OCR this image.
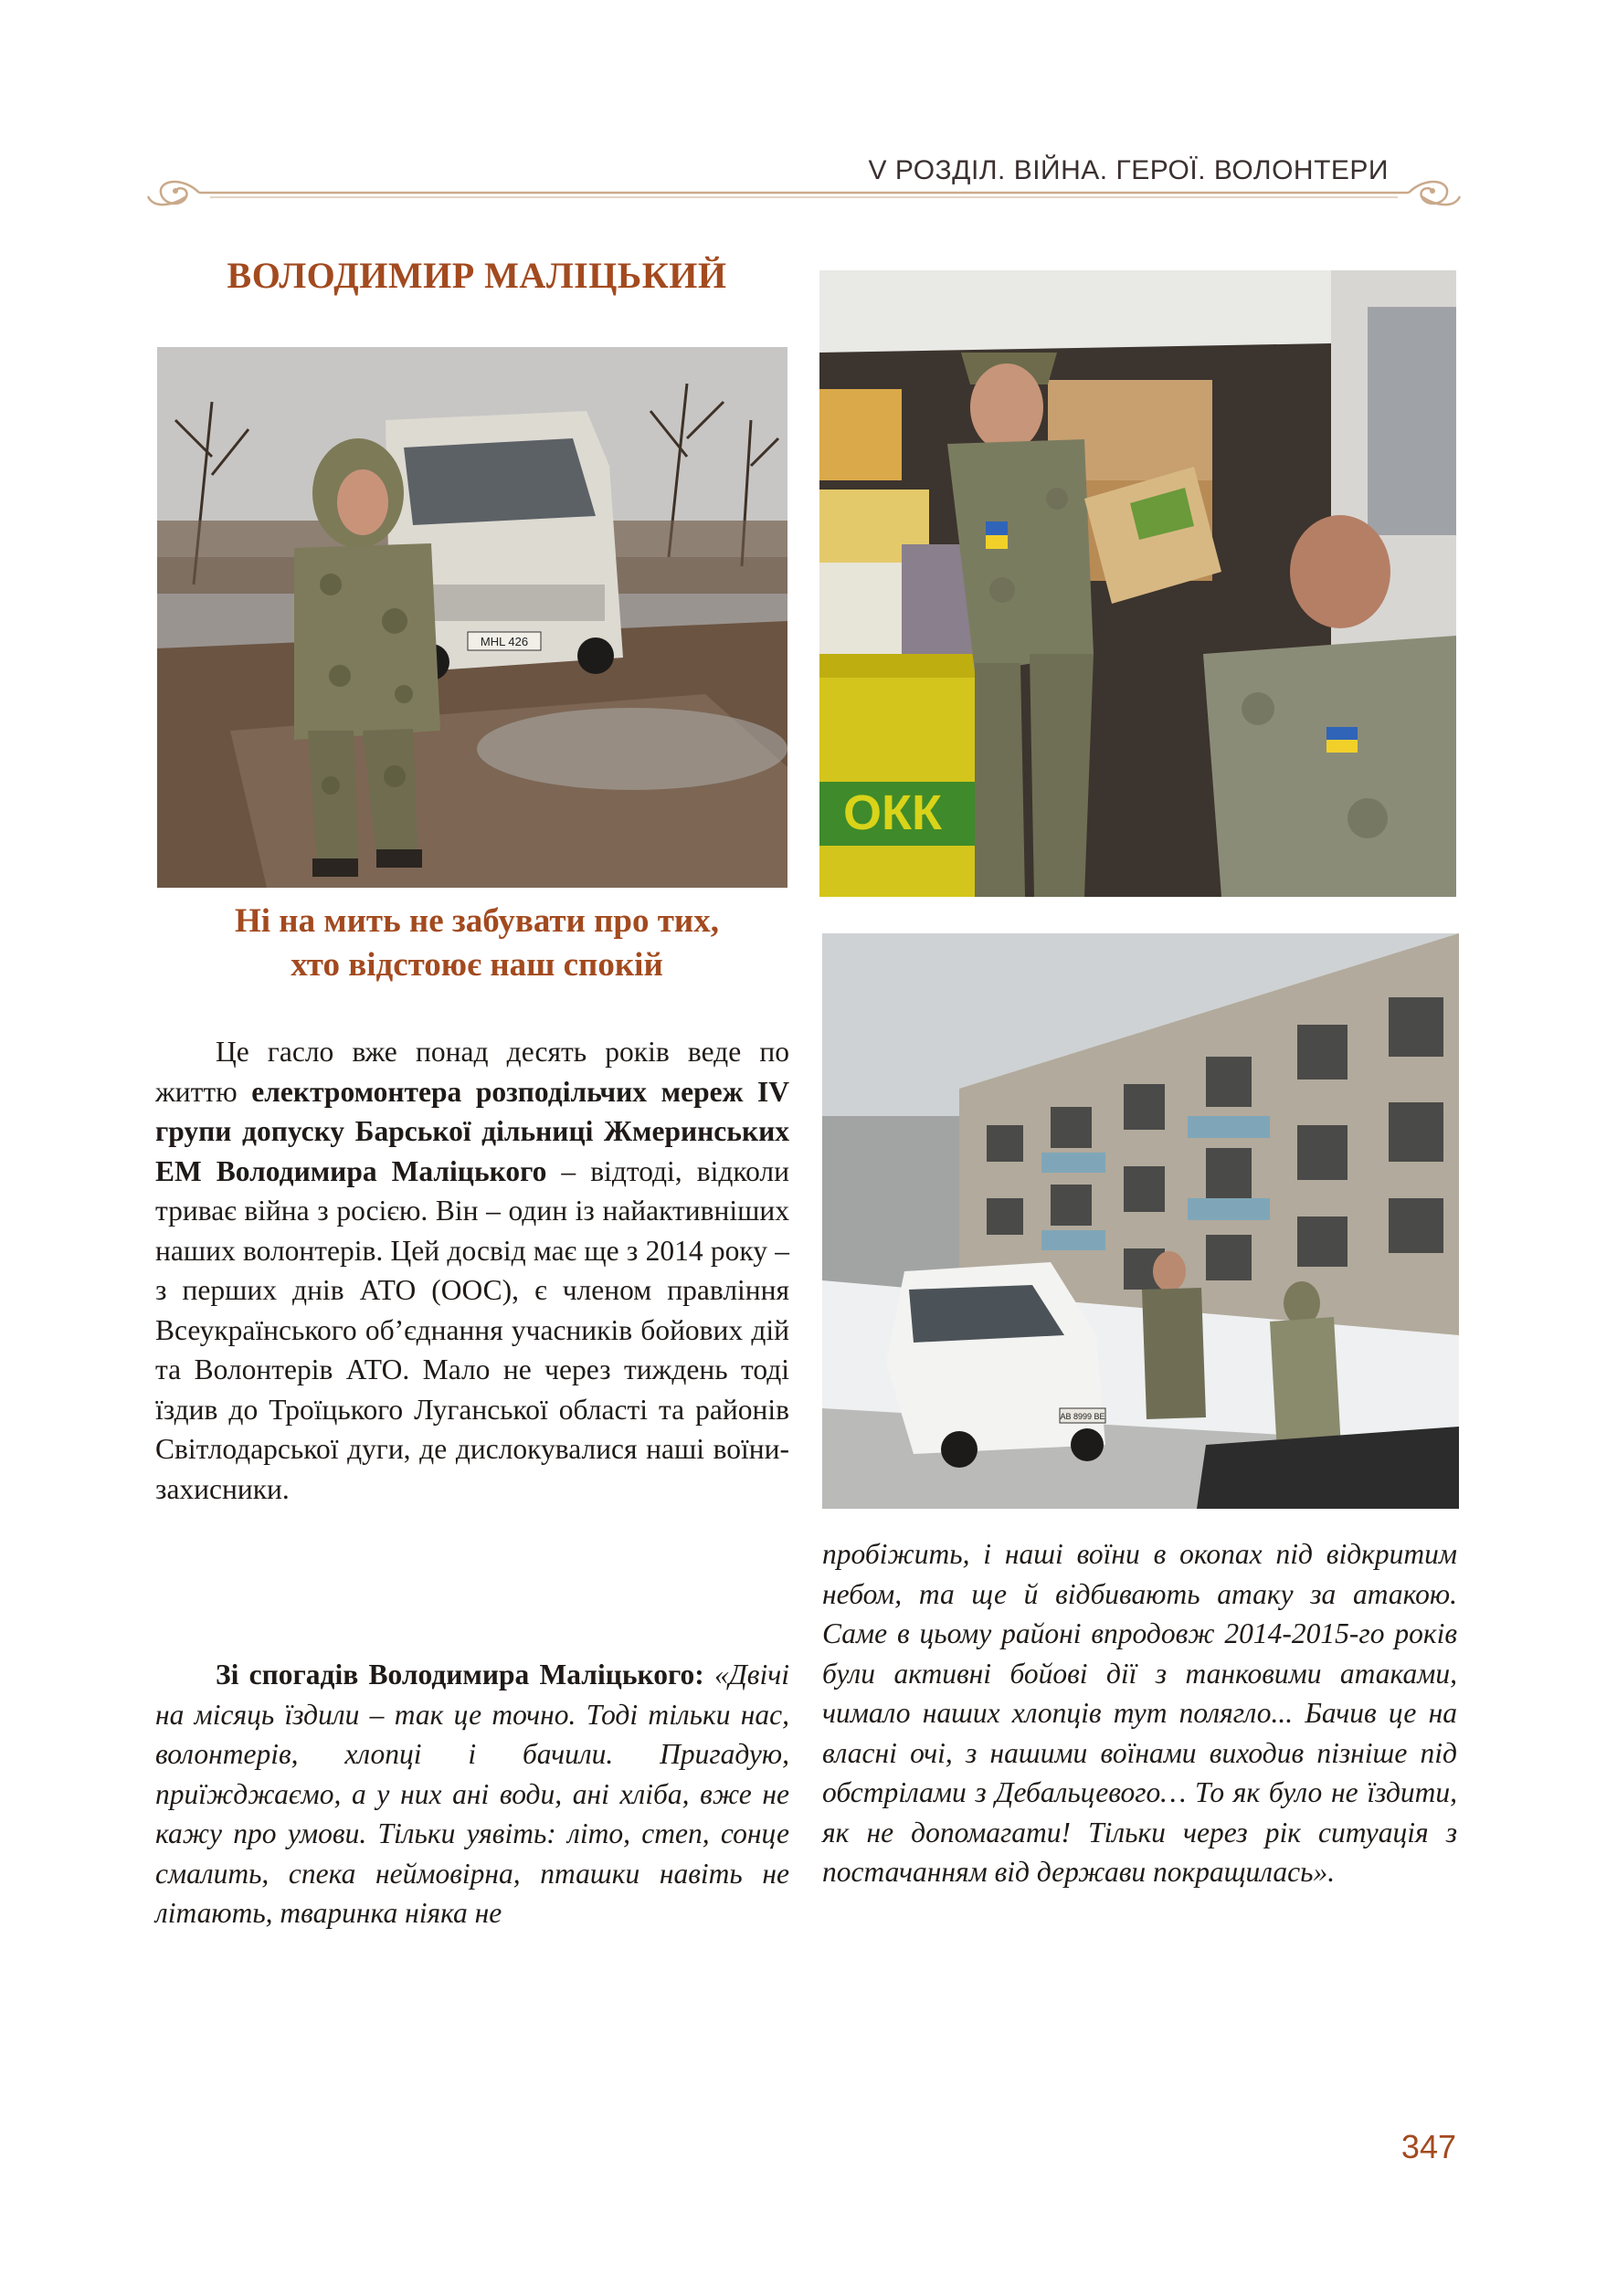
V РОЗДІЛ. ВІЙНА. ГЕРОЇ. ВОЛОНТЕРИ
ВОЛОДИМИР МАЛІЦЬКИЙ
МНL 426
ОКК
АВ 8999 ВЕ
Ні на мить не забувати про тих,
хто відстоює наш спокій

Це гасло вже понад десять років веде по життю електромонтера розподільчих мереж IV групи допуску Барської дільниці Жмеринських ЕМ Володимира Маліцького – відтоді, відколи триває війна з росією. Він – один із найактивніших наших волонтерів. Цей досвід має ще з 2014 року – з перших днів АТО (ООС), є членом правління Всеукраїнського об’єднання учасників бойових дій та Волонтерів АТО. Мало не через тиждень тоді їздив до Троїцького Луганської області та районів Світлодарської дуги, де дислокувалися наші воїни-захисники.

Зі спогадів Володимира Маліцького: «Двічі на місяць їздили – так це точно. Тоді тільки нас, волонтерів, хлопці і бачили. Пригадую, приїжджаємо, а у них ані води, ані хліба, вже не кажу про умови. Тільки уявіть: літо, степ, сонце смалить, спека неймовірна, пташки навіть не літають, тваринка ніяка не

пробіжить, і наші воїни в окопах під відкритим небом, та ще й відбивають атаку за атакою. Саме в цьому районі впродовж 2014-2015-го років були активні бойові дії з танковими атаками, чимало наших хлопців тут полягло... Бачив це на власні очі, з нашими воїнами виходив пізніше під обстрілами з Дебальцевого… То як було не їздити, як не допомагати! Тільки через рік ситуація з постачанням від держави покращилась».

347
